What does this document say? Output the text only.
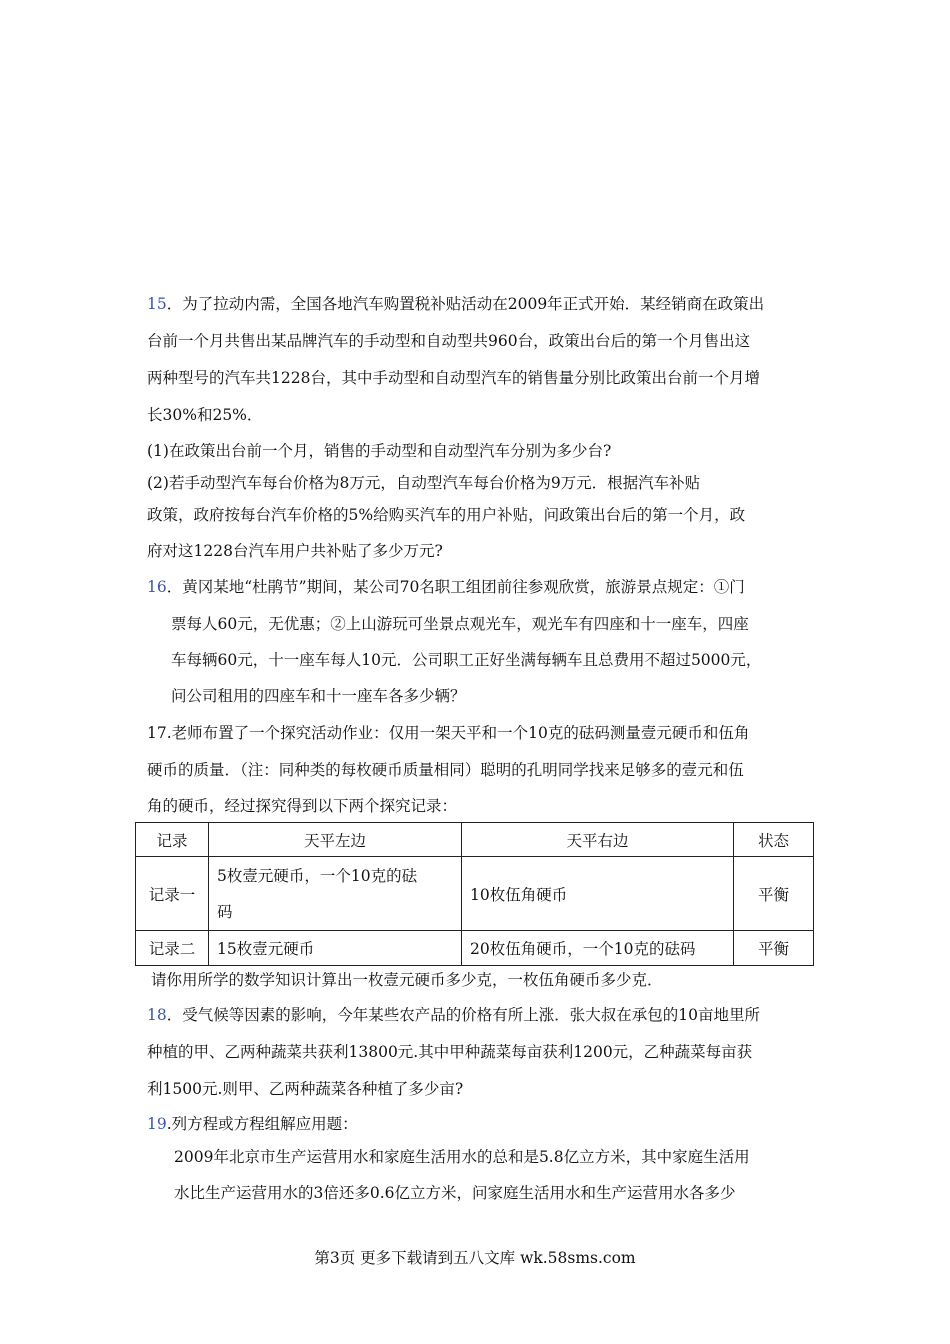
15．为了拉动内需，全国各地汽车购置税补贴活动在2009年正式开始．某经销商在政策出
台前一个月共售出某品牌汽车的手动型和自动型共960台，政策出台后的第一个月售出这
两种型号的汽车共1228台，其中手动型和自动型汽车的销售量分别比政策出台前一个月增
长30%和25%．
(1)在政策出台前一个月，销售的手动型和自动型汽车分别为多少台?
(2)若手动型汽车每台价格为8万元，自动型汽车每台价格为9万元．根据汽车补贴
政策，政府按每台汽车价格的5%给购买汽车的用户补贴，问政策出台后的第一个月，政
府对这1228台汽车用户共补贴了多少万元?
16．黄冈某地“杜鹃节”期间，某公司70名职工组团前往参观欣赏，旅游景点规定：①门
票每人60元，无优惠；②上山游玩可坐景点观光车，观光车有四座和十一座车，四座
车每辆60元，十一座车每人10元．公司职工正好坐满每辆车且总费用不超过5000元，
问公司租用的四座车和十一座车各多少辆？
17.老师布置了一个探究活动作业：仅用一架天平和一个10克的砝码测量壹元硬币和伍角
硬币的质量．（注：同种类的每枚硬币质量相同）聪明的孔明同学找来足够多的壹元和伍
角的硬币，经过探究得到以下两个探究记录：
记录	天平左边	天平右边	状态
记录一	5枚壹元硬币，一个10克的砝
码	10枚伍角硬币	平衡
记录二	15枚壹元硬币	20枚伍角硬币，一个10克的砝码	平衡
请你用所学的数学知识计算出一枚壹元硬币多少克，一枚伍角硬币多少克．
18．受气候等因素的影响，今年某些农产品的价格有所上涨．张大叔在承包的10亩地里所
种植的甲、乙两种蔬菜共获利13800元.其中甲种蔬菜每亩获利1200元，乙种蔬菜每亩获
利1500元.则甲、乙两种蔬菜各种植了多少亩?
19.列方程或方程组解应用题：
2009年北京市生产运营用水和家庭生活用水的总和是5.8亿立方米，其中家庭生活用
水比生产运营用水的3倍还多0.6亿立方米，问家庭生活用水和生产运营用水各多少
第3页 更多下载请到五八文库 wk.58sms.com
